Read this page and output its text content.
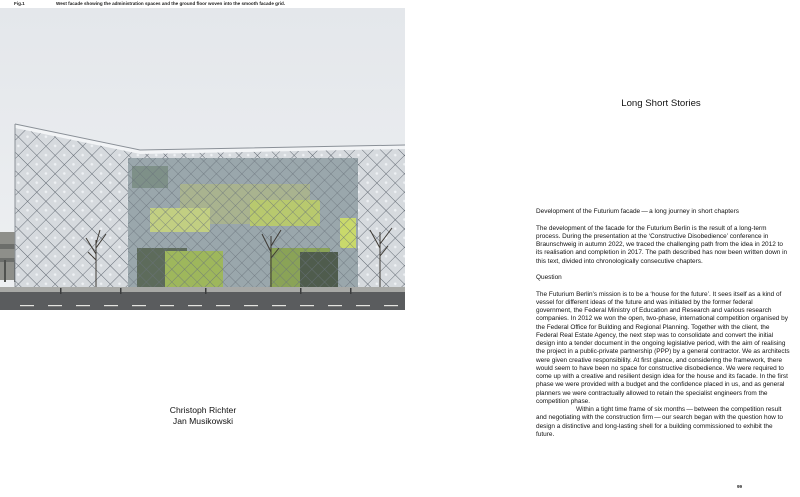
Fig.1	West facade showing the administration spaces and the ground floor woven into the smooth facade grid.
Long Short Stories
Christoph Richter
Jan Musikowski

Development of the Futurium facade — a long journey in short chapters

The development of the facade for the Futurium Berlin is the result of a long-term process. During the presentation at the ‘Constructive Disobedience’ conference in Braunschweig in autumn 2022, we traced the challenging path from the idea in 2012 to its realisation and completion in 2017. The path described has now been written down in this text, divided into chronologically consecutive chapters.

Question

The Futurium Berlin’s mission is to be a ‘house for the future’. It sees itself as a kind of vessel for different ideas of the future and was initiated by the former federal government, the Federal Ministry of Education and Research and various research companies. In 2012 we won the open, two-phase, international competition organised by the Federal Office for Building and Regional Planning. Together with the client, the Federal Real Estate Agency, the next step was to consolidate and convert the initial design into a tender document in the ongoing legislative period, with the aim of realising the project in a public-private partnership (PPP) by a general contractor. We as architects were given creative responsibility. At first glance, and considering the framework, there would seem to have been no space for constructive disobedience. We were required to come up with a creative and resilient design idea for the house and its facade. In the first phase we were provided with a budget and the confidence placed in us, and as general planners we were contractually allowed to retain the specialist engineers from the competition phase.

Within a tight time frame of six months — between the competition result and negotiating with the construction firm — our search began with the question how to design a distinctive and long-lasting shell for a building commissioned to exhibit the future.

99
